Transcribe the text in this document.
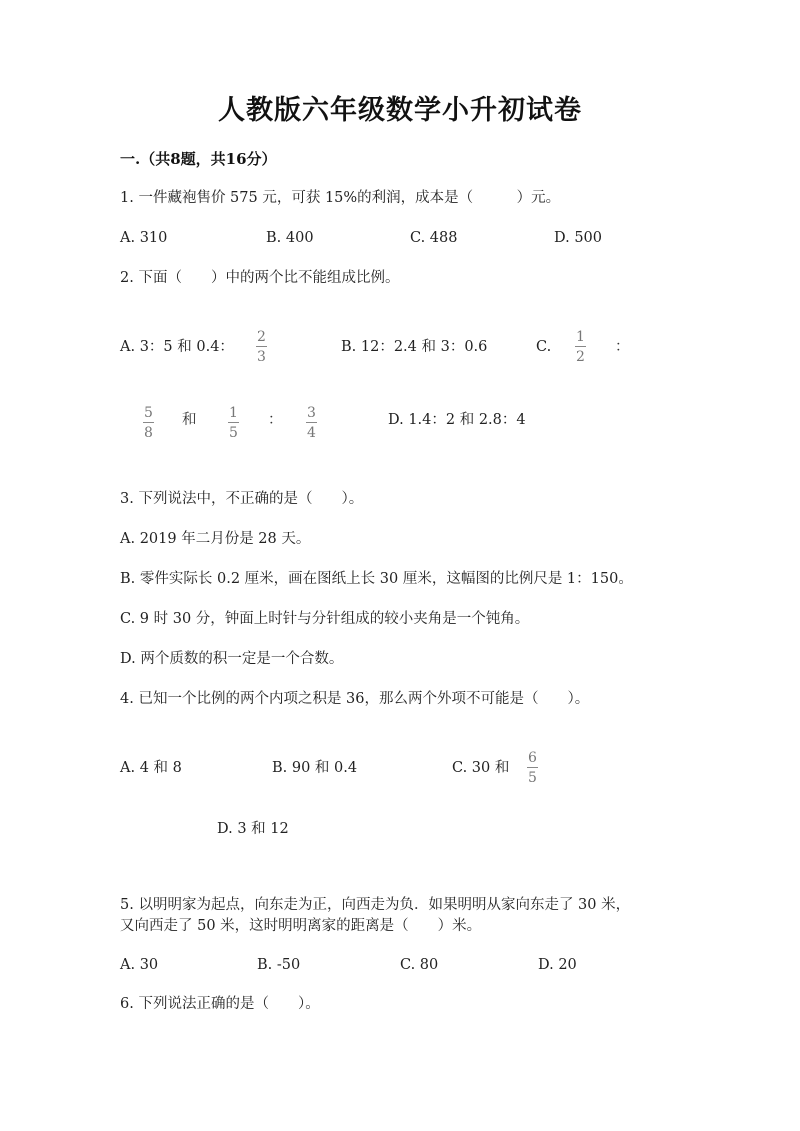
人教版六年级数学小升初试卷
一.（共8题，共16分）
1. 一件藏袍售价 575 元，可获 15%的利润，成本是（　　　）元。
A. 310	B. 400	C. 488	D. 500
2. 下面（　　）中的两个比不能组成比例。
A. 3：5 和 0.4：
2
3
B. 12：2.4 和 3：0.6	C.
1
2
：
5
8
和 1
5
： 3
4
D. 1.4：2 和 2.8：4
3. 下列说法中，不正确的是（　　）。
A. 2019 年二月份是 28 天。
B. 零件实际长 0.2 厘米，画在图纸上长 30 厘米，这幅图的比例尺是 1：150。
C. 9 时 30 分，钟面上时针与分针组成的较小夹角是一个钝角。
D. 两个质数的积一定是一个合数。
4. 已知一个比例的两个内项之积是 36，那么两个外项不可能是（　　）。
A. 4 和 8	B. 90 和 0.4	C. 30 和
6
5
D. 3 和 12
5. 以明明家为起点，向东走为正，向西走为负．如果明明从家向东走了 30 米，
又向西走了 50 米，这时明明离家的距离是（　　）米。
A. 30	B. -50	C. 80	D. 20
6. 下列说法正确的是（　　）。
